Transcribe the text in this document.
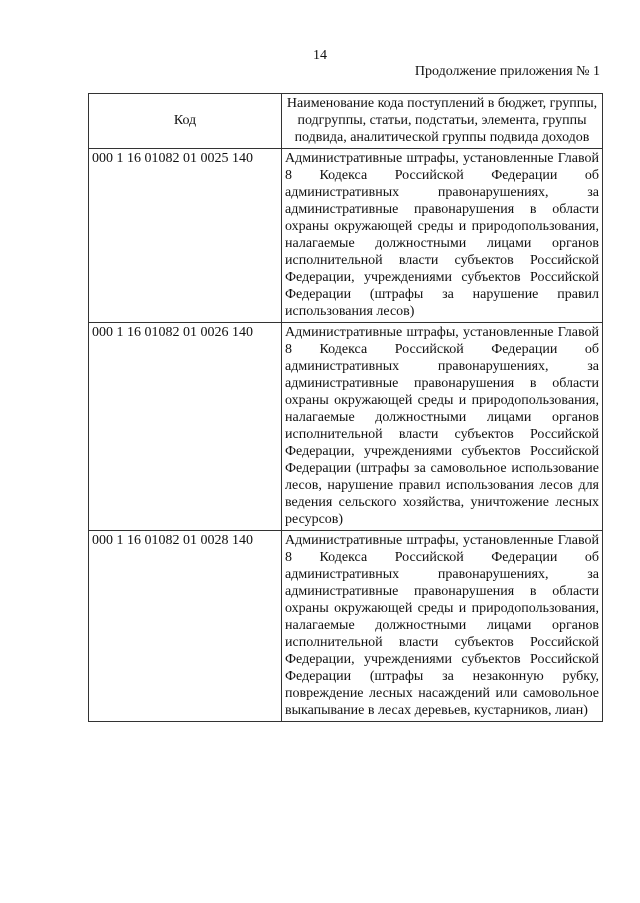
14
Продолжение приложения № 1
Код	Наименование кода поступлений в бюджет, группы, подгруппы, статьи, подстатьи, элемента, группы подвида, аналитической группы подвида доходов
000 1 16 01082 01 0025 140	Административные штрафы, установленные Главой 8 Кодекса Российской Федерации об административных правонарушениях, за административные правонарушения в области охраны окружающей среды и природопользования, налагаемые должностными лицами органов исполнительной власти субъектов Российской Федерации, учреждениями субъектов Российской Федерации (штрафы за нарушение правил использования лесов)
000 1 16 01082 01 0026 140	Административные штрафы, установленные Главой 8 Кодекса Российской Федерации об административных правонарушениях, за административные правонарушения в области охраны окружающей среды и природопользования, налагаемые должностными лицами органов исполнительной власти субъектов Российской Федерации, учреждениями субъектов Российской Федерации (штрафы за самовольное использование лесов, нарушение правил использования лесов для ведения сельского хозяйства, уничтожение лесных ресурсов)
000 1 16 01082 01 0028 140	Административные штрафы, установленные Главой 8 Кодекса Российской Федерации об административных правонарушениях, за административные правонарушения в области охраны окружающей среды и природопользования, налагаемые должностными лицами органов исполнительной власти субъектов Российской Федерации, учреждениями субъектов Российской Федерации (штрафы за незаконную рубку, повреждение лесных насаждений или самовольное выкапывание в лесах деревьев, кустарников, лиан)
